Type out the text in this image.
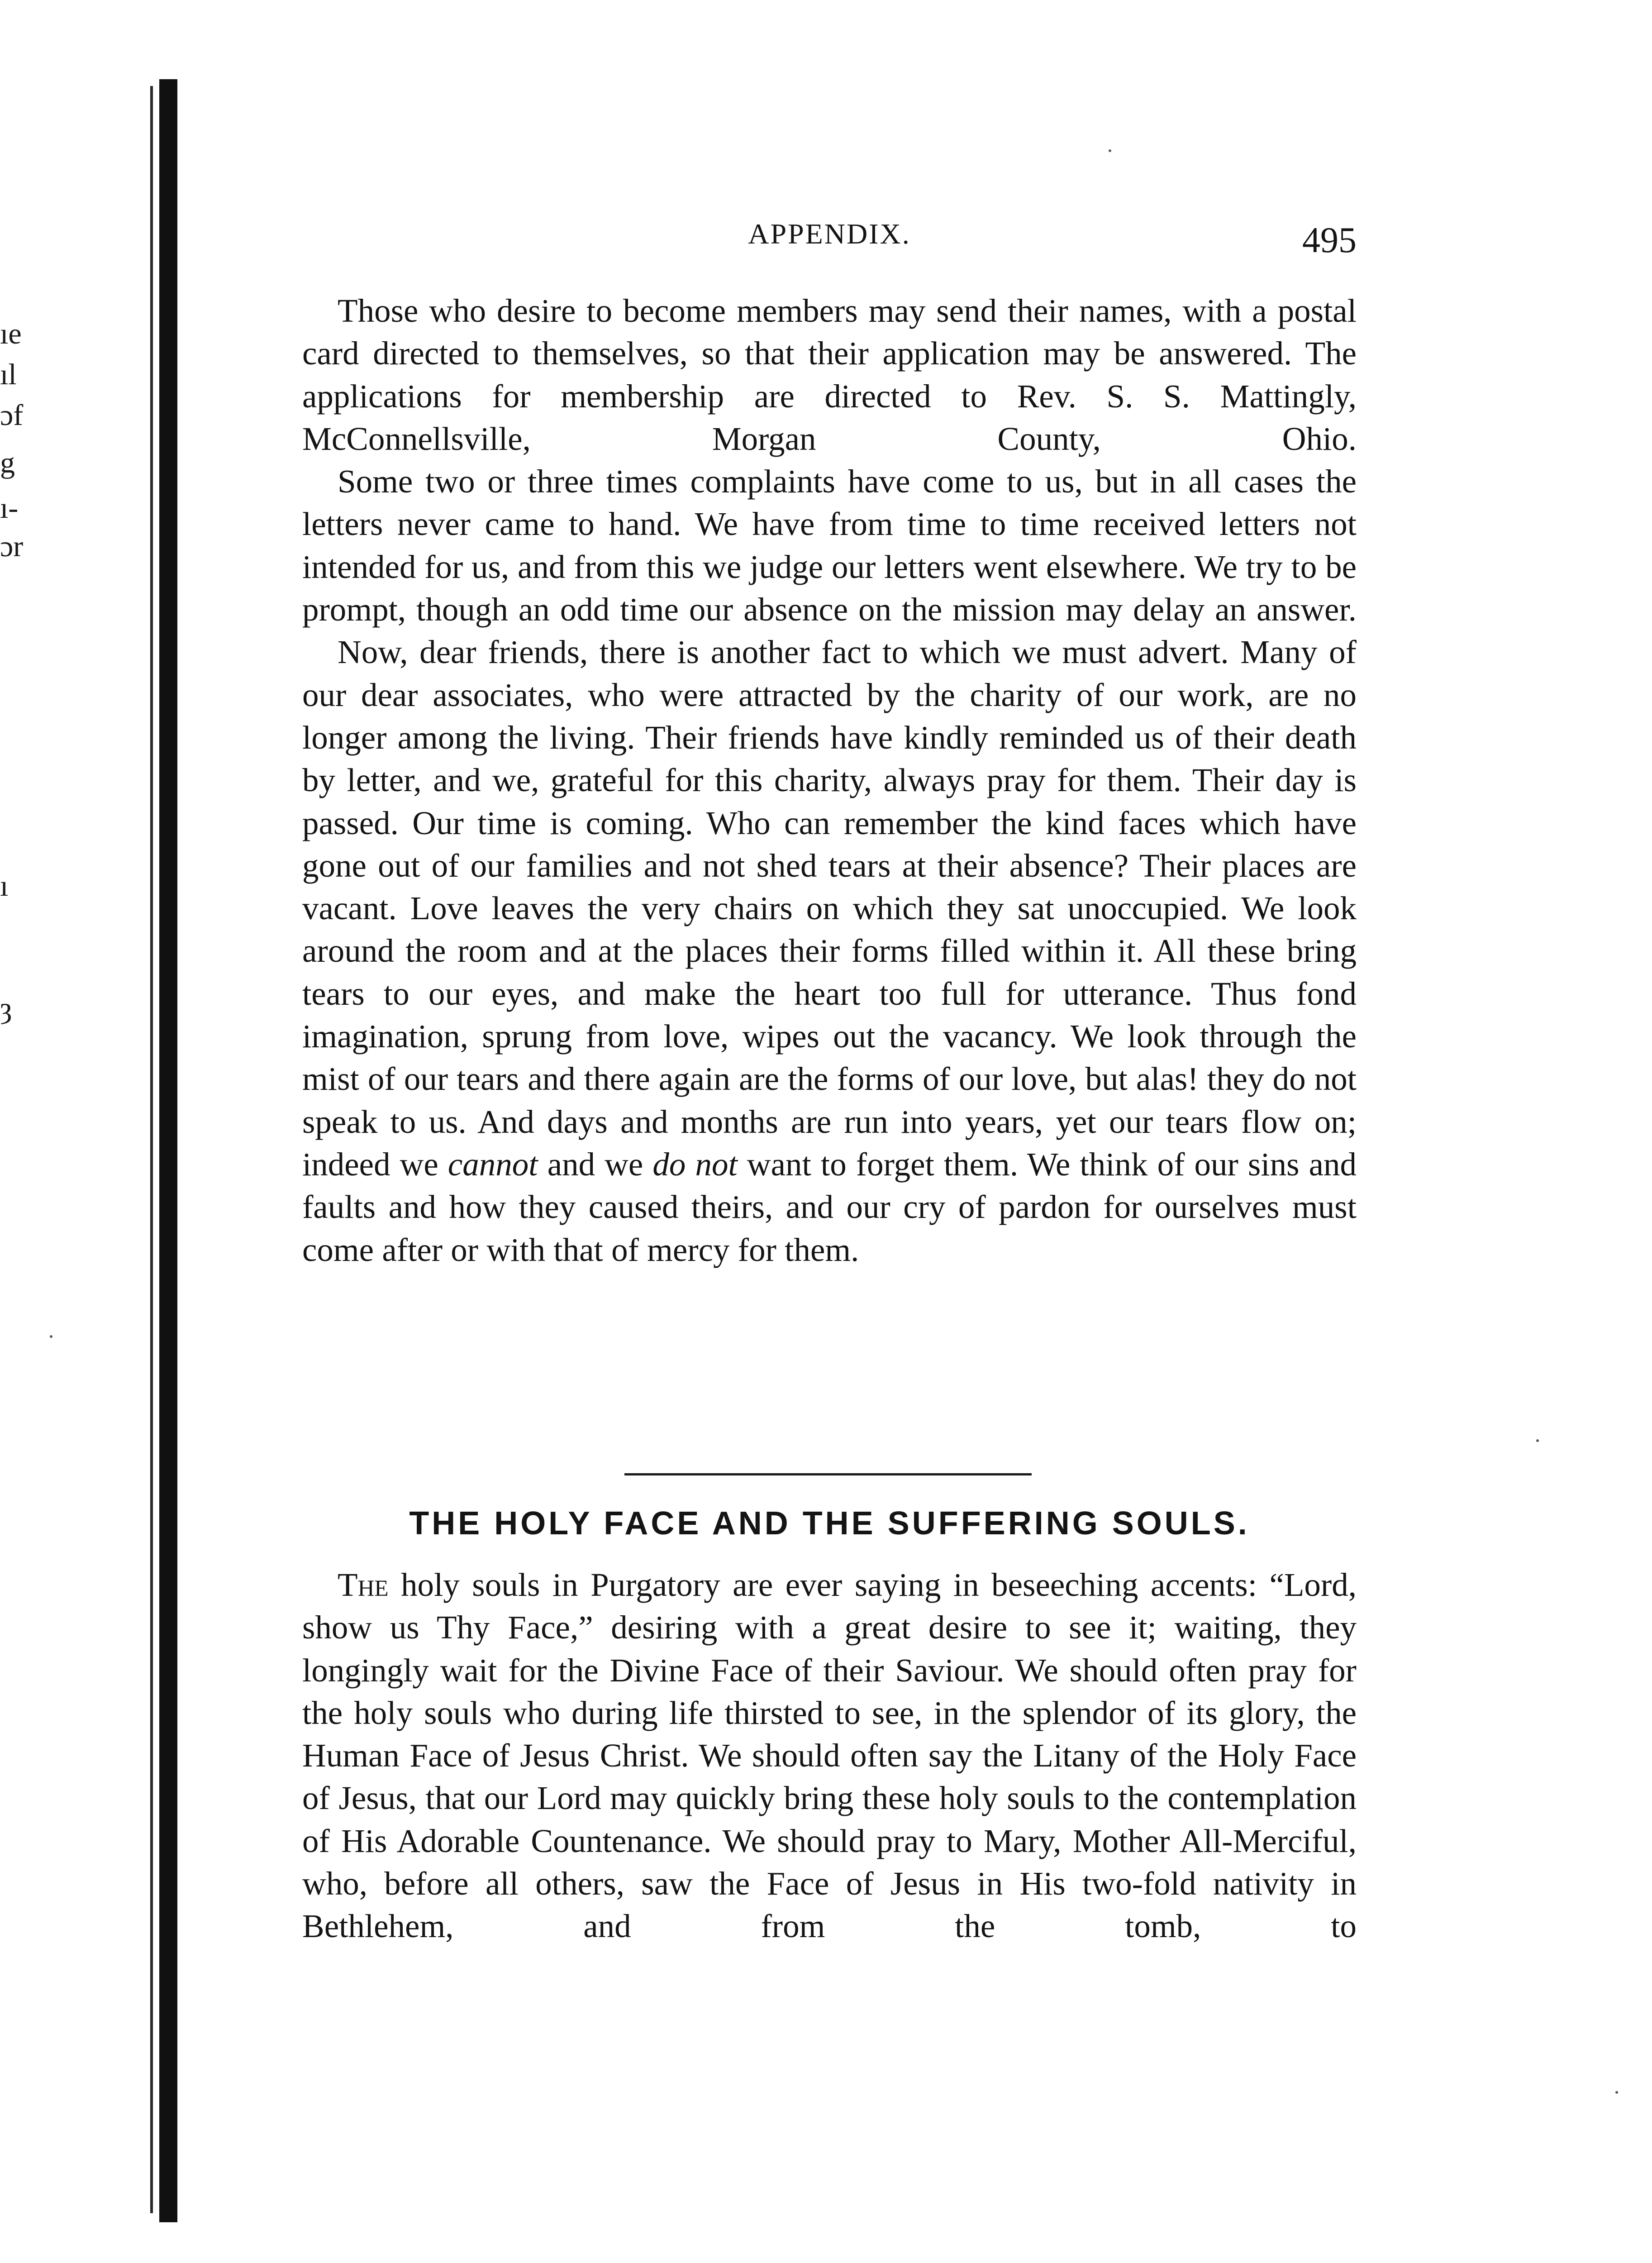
ıe
ıl
ɔf
g
ı-
ɔr
ı
ȝ
APPENDIX.	495

Those who desire to become members may send their names, with a postal card directed to themselves, so that their application may be answered. The applications for membership are directed to Rev. S. S. Mattingly, McConnellsville, Morgan County, Ohio.

Some two or three times complaints have come to us, but in all cases the letters never came to hand. We have from time to time received letters not intended for us, and from this we judge our letters went elsewhere. We try to be prompt, though an odd time our absence on the mission may delay an answer.

Now, dear friends, there is another fact to which we must advert. Many of our dear associates, who were attracted by the charity of our work, are no longer among the living. Their friends have kindly reminded us of their death by letter, and we, grateful for this charity, always pray for them. Their day is passed. Our time is coming. Who can remember the kind faces which have gone out of our families and not shed tears at their absence? Their places are vacant. Love leaves the very chairs on which they sat unoccupied. We look around the room and at the places their forms filled within it. All these bring tears to our eyes, and make the heart too full for utterance. Thus fond imagination, sprung from love, wipes out the vacancy. We look through the mist of our tears and there again are the forms of our love, but alas! they do not speak to us. And days and months are run into years, yet our tears flow on; indeed we cannot and we do not want to forget them. We think of our sins and faults and how they caused theirs, and our cry of pardon for ourselves must come after or with that of mercy for them.

THE HOLY FACE AND THE SUFFERING SOULS.

The holy souls in Purgatory are ever saying in beseeching accents: “Lord, show us Thy Face,” desiring with a great desire to see it; waiting, they longingly wait for the Divine Face of their Saviour. We should often pray for the holy souls who during life thirsted to see, in the splendor of its glory, the Human Face of Jesus Christ. We should often say the Litany of the Holy Face of Jesus, that our Lord may quickly bring these holy souls to the contemplation of His Adorable Countenance. We should pray to Mary, Mother All-Merciful, who, before all others, saw the Face of Jesus in His two-fold nativity in Bethlehem, and from the tomb, to
